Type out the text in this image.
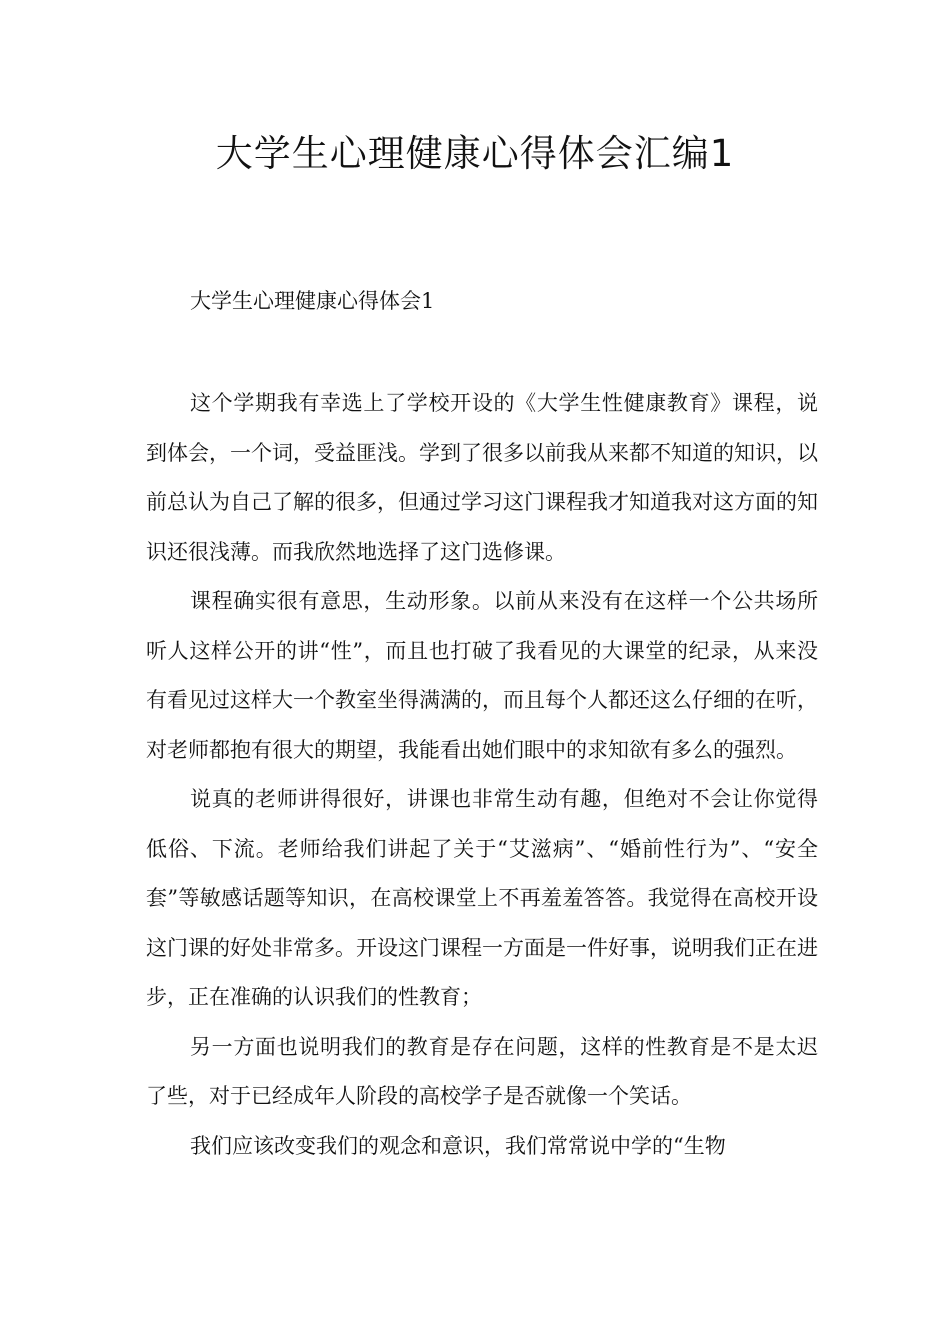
大学生心理健康心得体会汇编1

大学生心理健康心得体会1

这个学期我有幸选上了学校开设的《大学生性健康教育》课程，说到体会，一个词，受益匪浅。学到了很多以前我从来都不知道的知识，以前总认为自己了解的很多，但通过学习这门课程我才知道我对这方面的知识还很浅薄。而我欣然地选择了这门选修课。

课程确实很有意思，生动形象。以前从来没有在这样一个公共场所听人这样公开的讲“性”，而且也打破了我看见的大课堂的纪录，从来没有看见过这样大一个教室坐得满满的，而且每个人都还这么仔细的在听，对老师都抱有很大的期望，我能看出她们眼中的求知欲有多么的强烈。

说真的老师讲得很好，讲课也非常生动有趣，但绝对不会让你觉得低俗、下流。老师给我们讲起了关于“艾滋病”、“婚前性行为”、“安全套”等敏感话题等知识，在高校课堂上不再羞羞答答。我觉得在高校开设这门课的好处非常多。开设这门课程一方面是一件好事，说明我们正在进步，正在准确的认识我们的性教育；

另一方面也说明我们的教育是存在问题，这样的性教育是不是太迟了些，对于已经成年人阶段的高校学子是否就像一个笑话。

我们应该改变我们的观念和意识，我们常常说中学的“生物
